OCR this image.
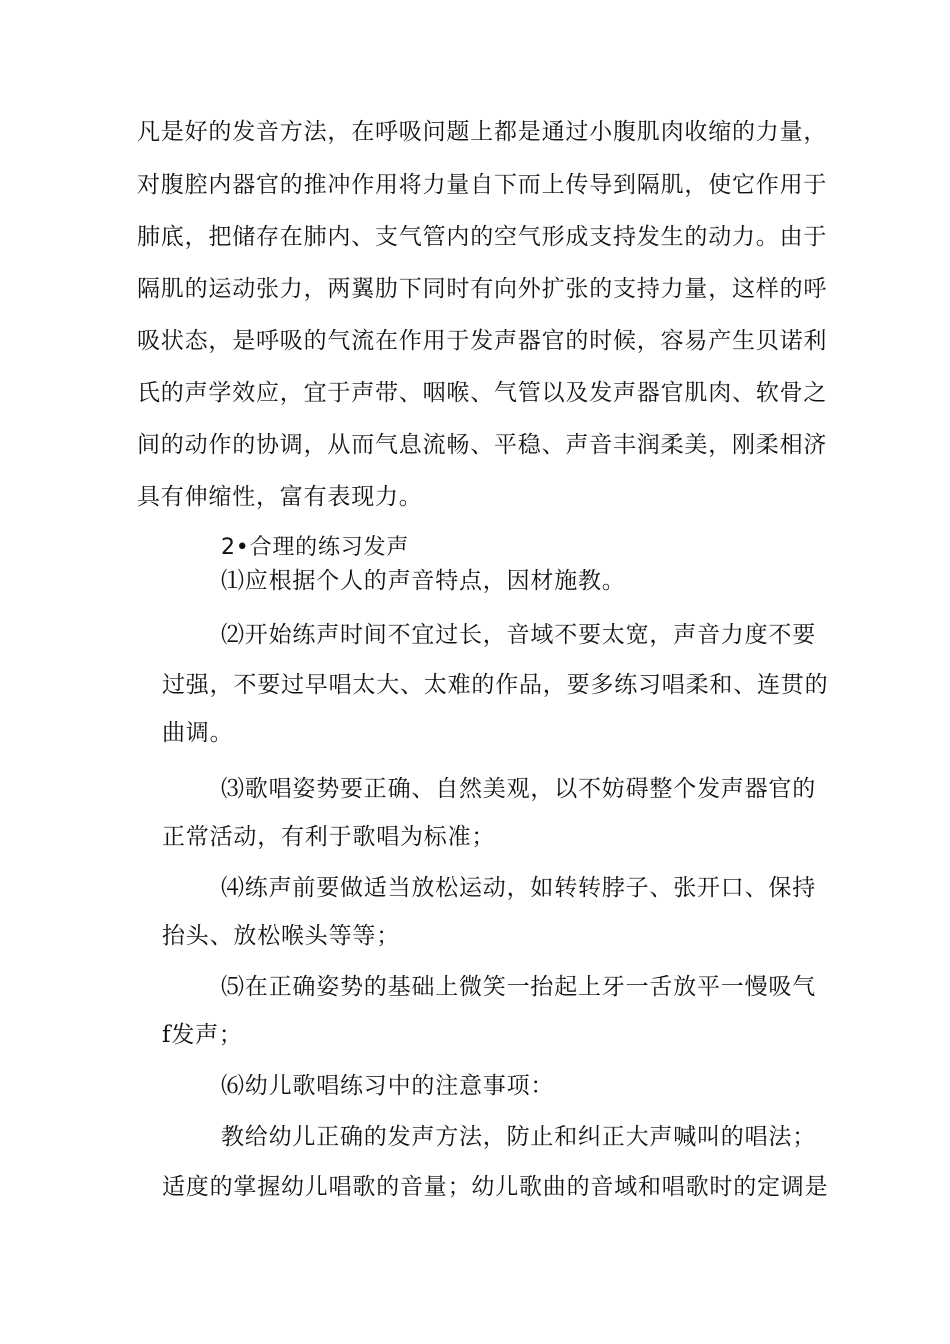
凡是好的发音方法，在呼吸问题上都是通过小腹肌肉收缩的力量，
对腹腔内器官的推冲作用将力量自下而上传导到隔肌，使它作用于
肺底，把储存在肺内、支气管内的空气形成支持发生的动力。由于
隔肌的运动张力，两翼肋下同时有向外扩张的支持力量，这样的呼
吸状态，是呼吸的气流在作用于发声器官的时候，容易产生贝诺利
氏的声学效应，宜于声带、咽喉、气管以及发声器官肌肉、软骨之
间的动作的协调，从而气息流畅、平稳、声音丰润柔美，刚柔相济
具有伸缩性，富有表现力。
2•合理的练习发声
⑴应根据个人的声音特点，因材施教。
⑵开始练声时间不宜过长，音域不要太宽，声音力度不要
过强，不要过早唱太大、太难的作品，要多练习唱柔和、连贯的
曲调。
⑶歌唱姿势要正确、自然美观，以不妨碍整个发声器官的
正常活动，有利于歌唱为标准；
⑷练声前要做适当放松运动，如转转脖子、张开口、保持
抬头、放松喉头等等；
⑸在正确姿势的基础上微笑一抬起上牙一舌放平一慢吸气
f发声；
⑹幼儿歌唱练习中的注意事项：
教给幼儿正确的发声方法，防止和纠正大声喊叫的唱法；
适度的掌握幼儿唱歌的音量；幼儿歌曲的音域和唱歌时的定调是
